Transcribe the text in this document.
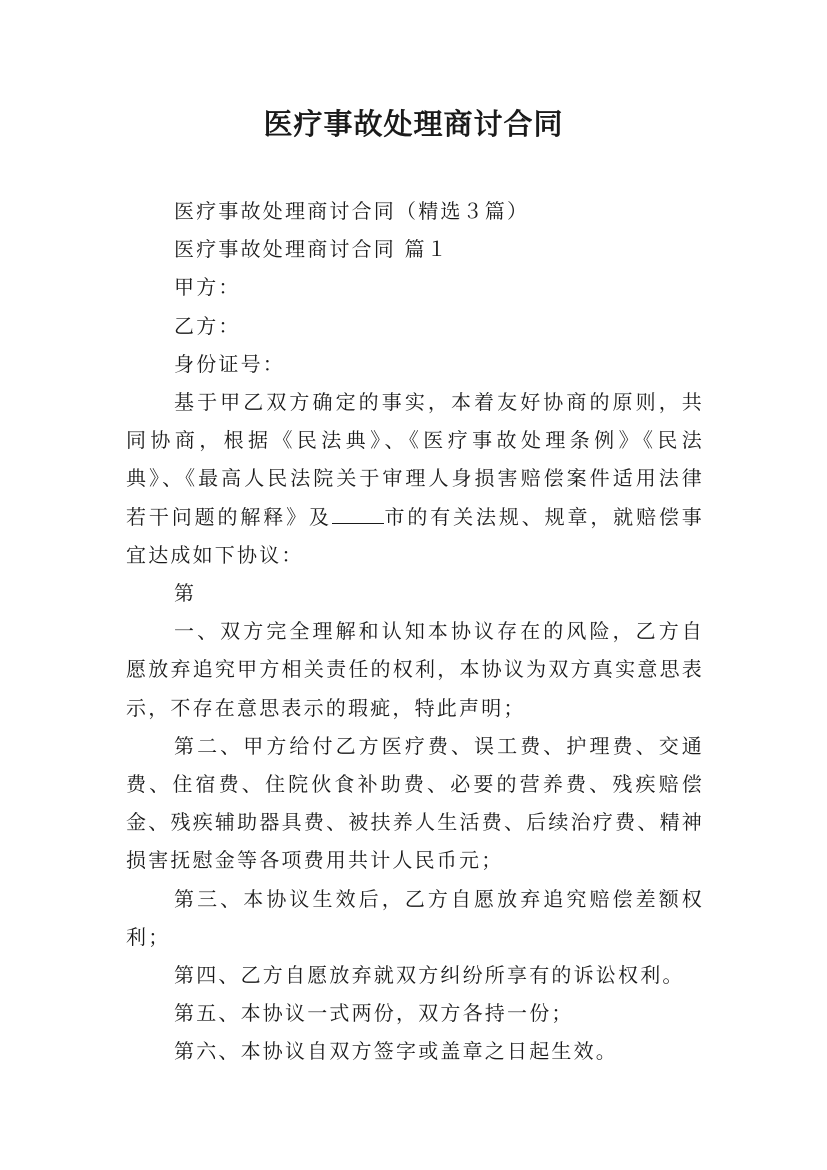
医疗事故处理商讨合同

医疗事故处理商讨合同（精选３篇）

医疗事故处理商讨合同 篇１

甲方：

乙方：

身份证号：

基于甲乙双方确定的事实，本着友好协商的原则，共同协商，根据《民法典》、《医疗事故处理条例》《民法典》、《最高人民法院关于审理人身损害赔偿案件适用法律若干问题的解释》及	市的有关法规、规章，就赔偿事宜达成如下协议：

第

一、双方完全理解和认知本协议存在的风险，乙方自愿放弃追究甲方相关责任的权利，本协议为双方真实意思表示，不存在意思表示的瑕疵，特此声明；

第二、甲方给付乙方医疗费、误工费、护理费、交通费、住宿费、住院伙食补助费、必要的营养费、残疾赔偿金、残疾辅助器具费、被扶养人生活费、后续治疗费、精神损害抚慰金等各项费用共计人民币元；

第三、本协议生效后，乙方自愿放弃追究赔偿差额权利；

第四、乙方自愿放弃就双方纠纷所享有的诉讼权利。

第五、本协议一式两份，双方各持一份；

第六、本协议自双方签字或盖章之日起生效。
